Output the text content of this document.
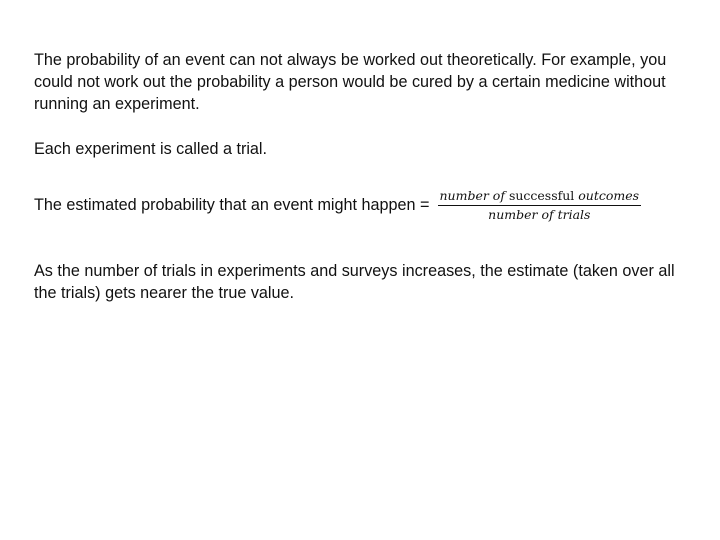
The probability of an event can not always be worked out theoretically. For example, you
could not work out the probability a person would be cured by a certain medicine without
running an experiment.

Each experiment is called a trial.

The estimated probability that an event might happen = $\frac{\text{number of successful outcomes}}{\text{number of trials}}$

As the number of trials in experiments and surveys increases, the estimate (taken over all
the trials) gets nearer the true value.
